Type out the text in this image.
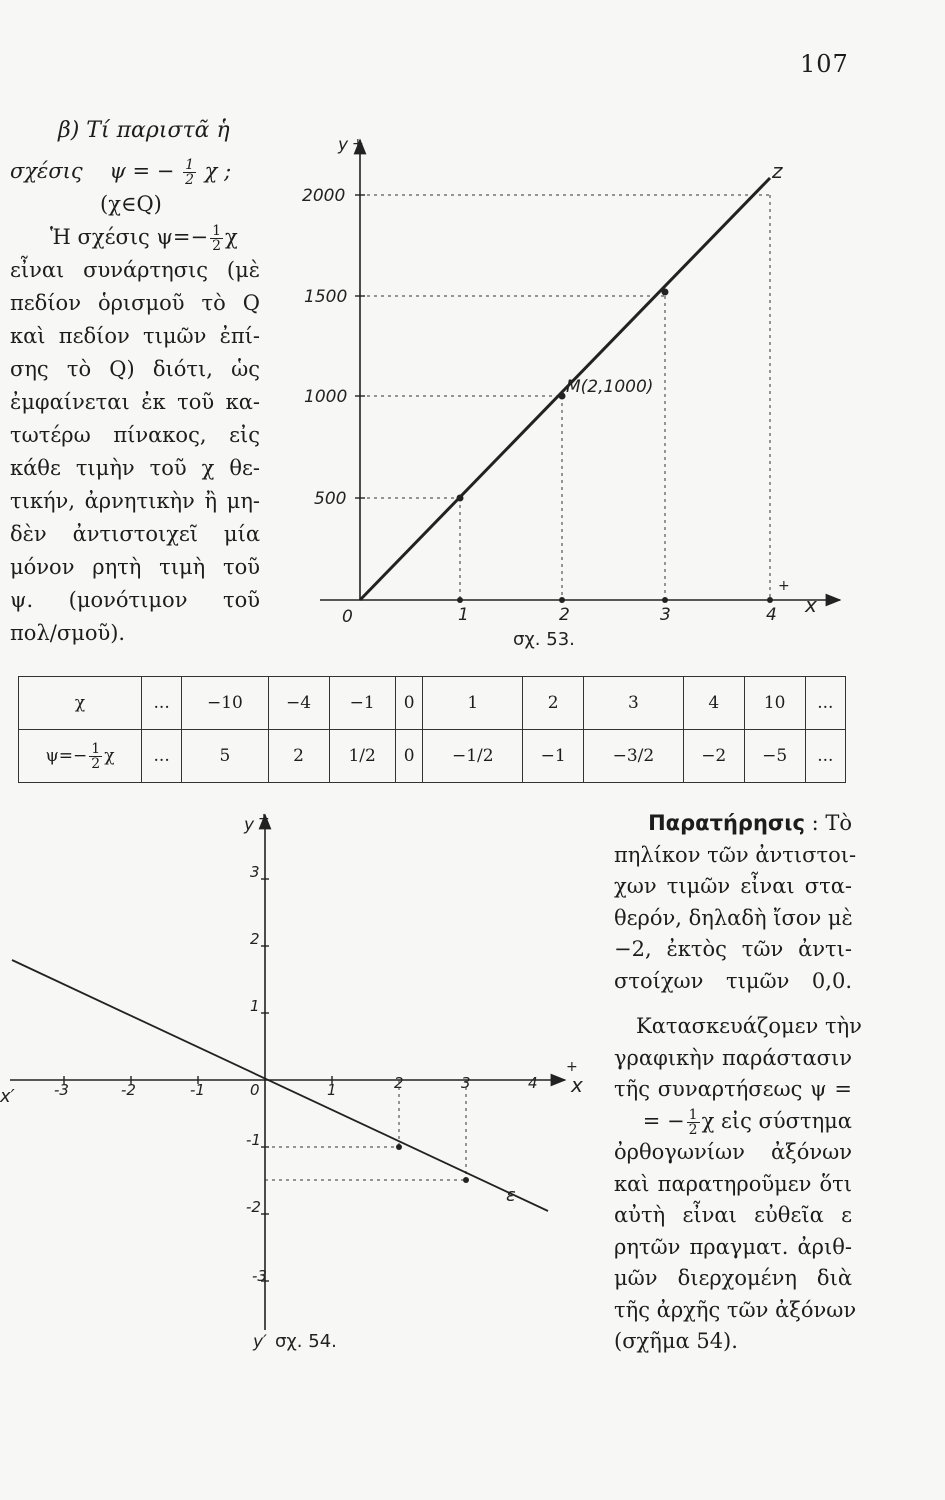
107
β) Τί παριστᾶ ἡ
σχέσις ψ = − $\frac{1}{2}$ χ ;
(χ∈Q)
Ἡ σχέσις $\psi=- \frac{1}{2}$ χ
εἶναι συνάρτησις (μὲ
πεδίον ὁρισμοῦ τὸ Q
καὶ πεδίον τιμῶν ἐπί-
σης τὸ Q) διότι, ὡς
ἐμφαίνεται ἐκ τοῦ κα-
τωτέρω πίνακος, εἰς
κάθε τιμὴν τοῦ χ θε-
τικήν, ἀρνητικὴν ἢ μη-
δὲν ἀντιστοιχεῖ μία
μόνον ρητὴ τιμὴ τοῦ
ψ. (μονότιμον τοῦ
πολ/σμοῦ).
y +
x
+
2000
1500
1000
500
0	1	2	3	4
M(2,1000)
z
σχ. 53.
χ	...	−10	−4	−1	0	1	2	3	4	10	...
$\psi=- \frac{1}{2}$ χ	...	5	2	1/2	0	−1/2	−1	−3/2	−2	−5	...
y +
y′
x
+
x′
3
2
1
-1
-2
-3
-3	-2	-1	0	1	2	3	4
ε
σχ. 54.
Παρατήρησις : Τὸ
πηλίκον τῶν ἀντιστοι-
χων τιμῶν εἶναι στα-
θερόν, δηλαδὴ ἴσον μὲ
−2, ἐκτὸς τῶν ἀντι-
στοίχων τιμῶν 0,0.
Κατασκευάζομεν τὴν
γραφικὴν παράστασιν
τῆς συναρτήσεως ψ =
= − $\frac{1}{2}$ χ εἰς σύστημα
ὀρθογωνίων ἀξόνων
καὶ παρατηροῦμεν ὅτι
αὐτὴ εἶναι εὐθεῖα ε
ρητῶν πραγματ. ἀριθ-
μῶν διερχομένη διὰ
τῆς ἀρχῆς τῶν ἀξόνων
(σχῆμα 54).
